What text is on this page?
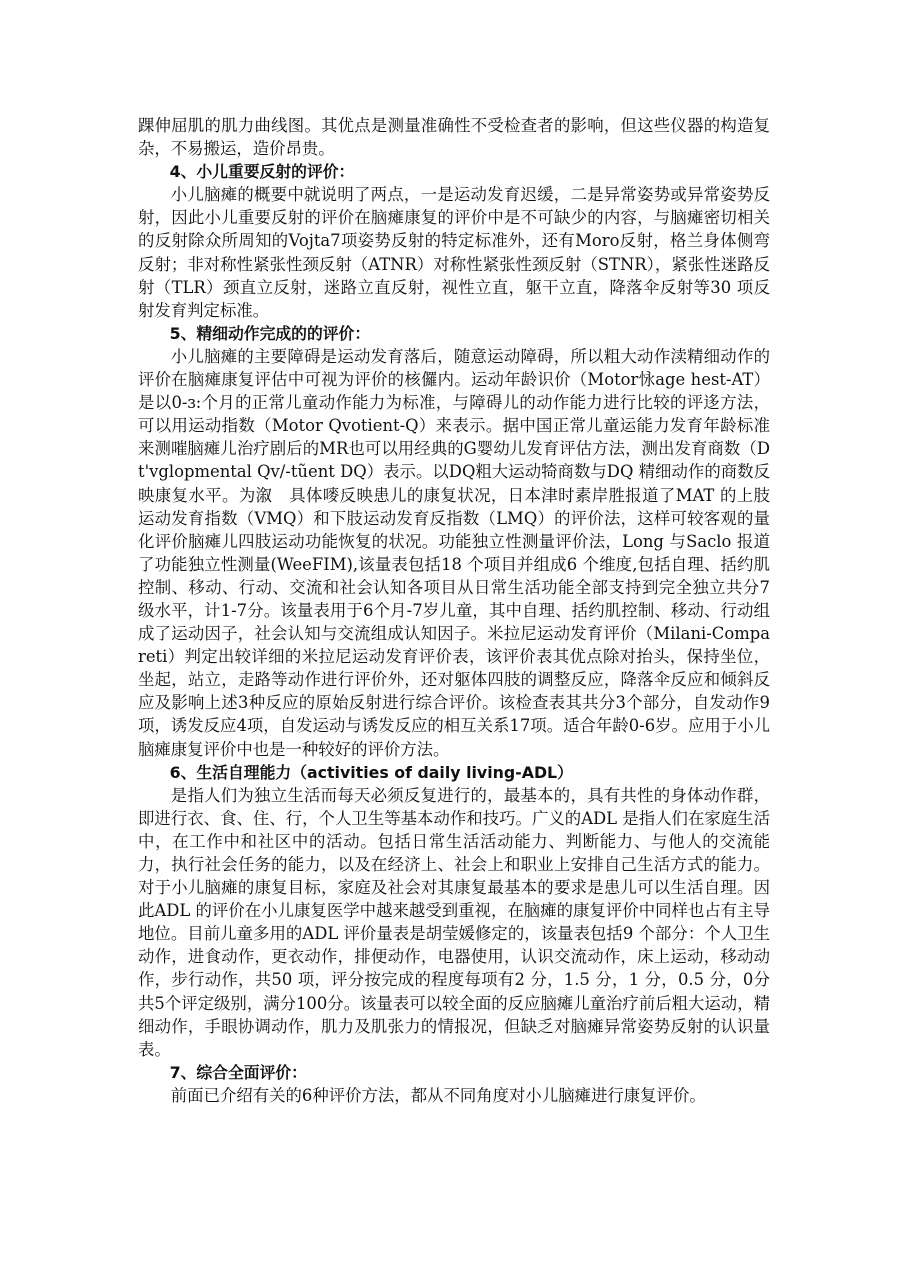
踝伸屈肌的肌力曲线图。其优点是测量准确性不受检查者的影响，但这些仪器的构造复杂，不易搬运，造价昂贵。

4、小儿重要反射的评价：

小儿脑瘫的概要中就说明了两点，一是运动发育迟缓，二是异常姿势或异常姿势反射，因此小儿重要反射的评价在脑瘫康复的评价中是不可缺少的内容，与脑瘫密切相关的反射除众所周知的Vojta7项姿势反射的特定标准外，还有Moro反射，格兰身体侧弯反射；非对称性紧张性颈反射（ATNR）对称性紧张性颈反射（STNR），紧张性迷路反射（TLR）颈直立反射，迷路立直反射，视性立直，躯干立直，降落伞反射等30 项反射发育判定标准。

5、精细动作完成的的评价：

小儿脑瘫的主要障碍是运动发育落后，随意运动障碍，所以粗大动作渎精细动作的评价在脑瘫康复评估中可视为评价的核儸内。运动年龄识价（Motor怺age hest-AT）是以0-ɜ:个月的正常儿童动作能力为标准，与障碍儿的动作能力进行比较的评迻方法，可以用运动指数（Motor Qvotient-Q）来表示。据中国正常儿童运能力发育年龄标准来测嗺脑瘫儿治疗剧后的MR也可以用经典的G婴幼儿发育评估方法，测出发育商数（Dt'vglopmental Qv/-tũent DQ）表示。以DQ粗大运动犄商数与DQ 精细动作的商数反映康复水平。为溆　具体嘜反映患儿的康复状况，日本津时素岸胜报道了MAT 的上肢运动发育指数（VMQ）和下肢运动发育反指数（LMQ）的评价法，这样可较客观的量化评价脑瘫儿四肢运动功能恢复的状况。功能独立性测量评价法，Long 与Saclo 报道了功能独立性测量(WeeFIM),该量表包括18 个项目并组成6 个维度,包括自理、括约肌控制、移动、行动、交流和社会认知各项目从日常生活功能全部支持到完全独立共分7级水平，计1-7分。该量表用于6个月-7岁儿童，其中自理、括约肌控制、移动、行动组成了运动因子，社会认知与交流组成认知因子。米拉尼运动发育评价（Milani-Compareti）判定出较详细的米拉尼运动发育评价表，该评价表其优点除对抬头，保持坐位，坐起，站立，走路等动作进行评价外，还对躯体四肢的调整反应，降落伞反应和倾斜反应及影响上述3种反应的原始反射进行综合评价。该检查表其共分3个部分，自发动作9项，诱发反应4项，自发运动与诱发反应的相互关系17项。适合年龄0-6岁。应用于小儿脑瘫康复评价中也是一种较好的评价方法。

6、生活自理能力（activities of daily living-ADL）

是指人们为独立生活而每天必须反复进行的，最基本的，具有共性的身体动作群，即进行衣、食、住、行，个人卫生等基本动作和技巧。广义的ADL 是指人们在家庭生活中，在工作中和社区中的活动。包括日常生活活动能力、判断能力、与他人的交流能力，执行社会任务的能力，以及在经济上、社会上和职业上安排自己生活方式的能力。对于小儿脑瘫的康复目标，家庭及社会对其康复最基本的要求是患儿可以生活自理。因此ADL 的评价在小儿康复医学中越来越受到重视，在脑瘫的康复评价中同样也占有主导地位。目前儿童多用的ADL 评价量表是胡莹媛修定的，该量表包括9 个部分：个人卫生动作，进食动作，更衣动作，排便动作，电器使用，认识交流动作，床上运动，移动动作，步行动作，共50 项，评分按完成的程度每项有2 分，1.5 分，1 分，0.5 分，0分共5个评定级别，满分100分。该量表可以较全面的反应脑瘫儿童治疗前后粗大运动，精细动作，手眼协调动作，肌力及肌张力的情报况，但缺乏对脑瘫异常姿势反射的认识量表。

7、综合全面评价：

前面已介绍有关的6种评价方法，都从不同角度对小儿脑瘫进行康复评价。
